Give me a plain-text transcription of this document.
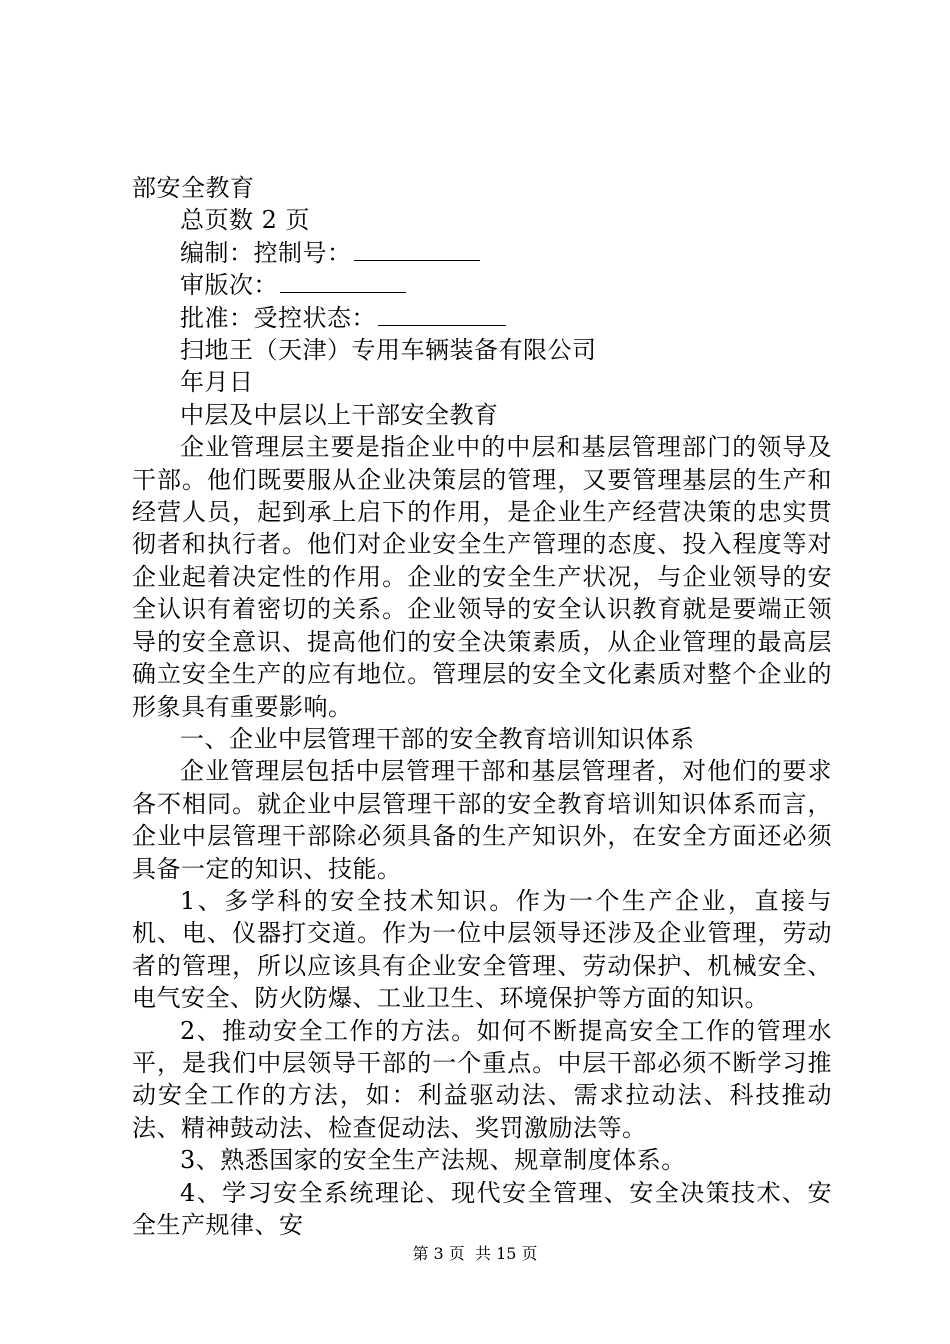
部安全教育
总页数 2 页
编制：控制号：
审版次：
批准：受控状态：
扫地王（天津）专用车辆装备有限公司
年月日
中层及中层以上干部安全教育
企业管理层主要是指企业中的中层和基层管理部门的领导及干部。他们既要服从企业决策层的管理，又要管理基层的生产和经营人员，起到承上启下的作用，是企业生产经营决策的忠实贯彻者和执行者。他们对企业安全生产管理的态度、投入程度等对企业起着决定性的作用。企业的安全生产状况，与企业领导的安全认识有着密切的关系。企业领导的安全认识教育就是要端正领导的安全意识、提高他们的安全决策素质，从企业管理的最高层确立安全生产的应有地位。管理层的安全文化素质对整个企业的形象具有重要影响。
一、企业中层管理干部的安全教育培训知识体系
企业管理层包括中层管理干部和基层管理者，对他们的要求各不相同。就企业中层管理干部的安全教育培训知识体系而言，企业中层管理干部除必须具备的生产知识外，在安全方面还必须具备一定的知识、技能。
1、多学科的安全技术知识。作为一个生产企业，直接与机、电、仪器打交道。作为一位中层领导还涉及企业管理，劳动者的管理，所以应该具有企业安全管理、劳动保护、机械安全、电气安全、防火防爆、工业卫生、环境保护等方面的知识。
2、推动安全工作的方法。如何不断提高安全工作的管理水平，是我们中层领导干部的一个重点。中层干部必须不断学习推动安全工作的方法，如：利益驱动法、需求拉动法、科技推动法、精神鼓动法、检查促动法、奖罚激励法等。
3、熟悉国家的安全生产法规、规章制度体系。
4、学习安全系统理论、现代安全管理、安全决策技术、安全生产规律、安
第 3 页 共 15 页
